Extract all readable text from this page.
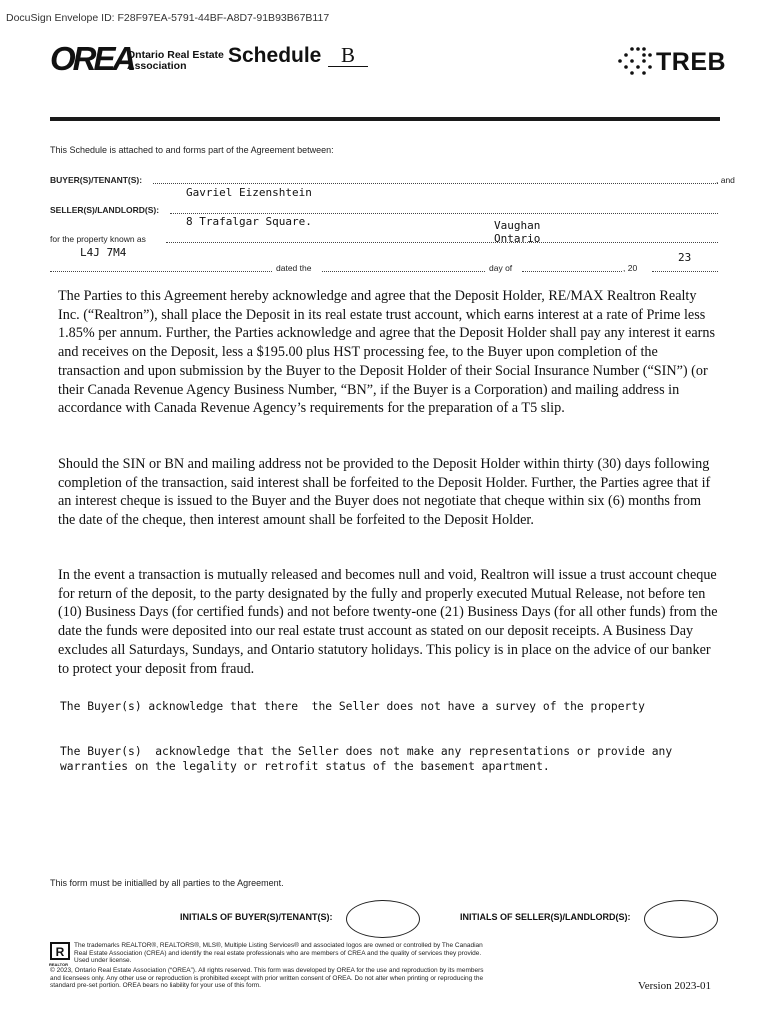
DocuSign Envelope ID: F28F97EA-5791-44BF-A8D7-91B93B67B117
OREA
Ontario Real Estate
Association	Schedule B	TREB
This Schedule is attached to and forms part of the Agreement between:
BUYER(S)/TENANT(S):	, and
Gavriel Eizenshtein
SELLER(S)/LANDLORD(S):
8 Trafalgar Square.	Vaughan
for the property known as	Ontario
L4J 7M4
dated the	day of	, 20
23

The Parties to this Agreement hereby acknowledge and agree that the Deposit Holder, RE/MAX Realtron Realty Inc. (“Realtron”), shall place the Deposit in its real estate trust account, which earns interest at a rate of Prime less 1.85% per annum. Further, the Parties acknowledge and agree that the Deposit Holder shall pay any interest it earns and receives on the Deposit, less a $195.00 plus HST processing fee, to the Buyer upon completion of the transaction and upon submission by the Buyer to the Deposit Holder of their Social Insurance Number (“SIN”) (or their Canada Revenue Agency Business Number, “BN”, if the Buyer is a Corporation) and mailing address in accordance with Canada Revenue Agency’s requirements for the preparation of a T5 slip.

Should the SIN or BN and mailing address not be provided to the Deposit Holder within thirty (30) days following completion of the transaction, said interest shall be forfeited to the Deposit Holder. Further, the Parties agree that if an interest cheque is issued to the Buyer and the Buyer does not negotiate that cheque within six (6) months from the date of the cheque, then interest amount shall be forfeited to the Deposit Holder.

In the event a transaction is mutually released and becomes null and void, Realtron will issue a trust account cheque for return of the deposit, to the party designated by the fully and properly executed Mutual Release, not before ten (10) Business Days (for certified funds) and not before twenty-one (21) Business Days (for all other funds) from the date the funds were deposited into our real estate trust account as stated on our deposit receipts. A Business Day excludes all Saturdays, Sundays, and Ontario statutory holidays. This policy is in place on the advice of our banker to protect your deposit from fraud.

The Buyer(s) acknowledge that there  the Seller does not have a survey of the property
The Buyer(s)  acknowledge that the Seller does not make any representations or provide any
warranties on the legality or retrofit status of the basement apartment.
This form must be initialled by all parties to the Agreement.
INITIALS OF BUYER(S)/TENANT(S):	INITIALS OF SELLER(S)/LANDLORD(S):
R
REALTOR
The trademarks REALTOR®, REALTORS®, MLS®, Multiple Listing Services® and associated logos are owned or controlled by The Canadian Real Estate Association (CREA) and identify the real estate professionals who are members of CREA and the quality of services they provide. Used under license.
© 2023, Ontario Real Estate Association (“OREA”). All rights reserved. This form was developed by OREA for the use and reproduction by its members and licensees only. Any other use or reproduction is prohibited except with prior written consent of OREA. Do not alter when printing or reproducing the standard pre-set portion. OREA bears no liability for your use of this form.	Version 2023-01
